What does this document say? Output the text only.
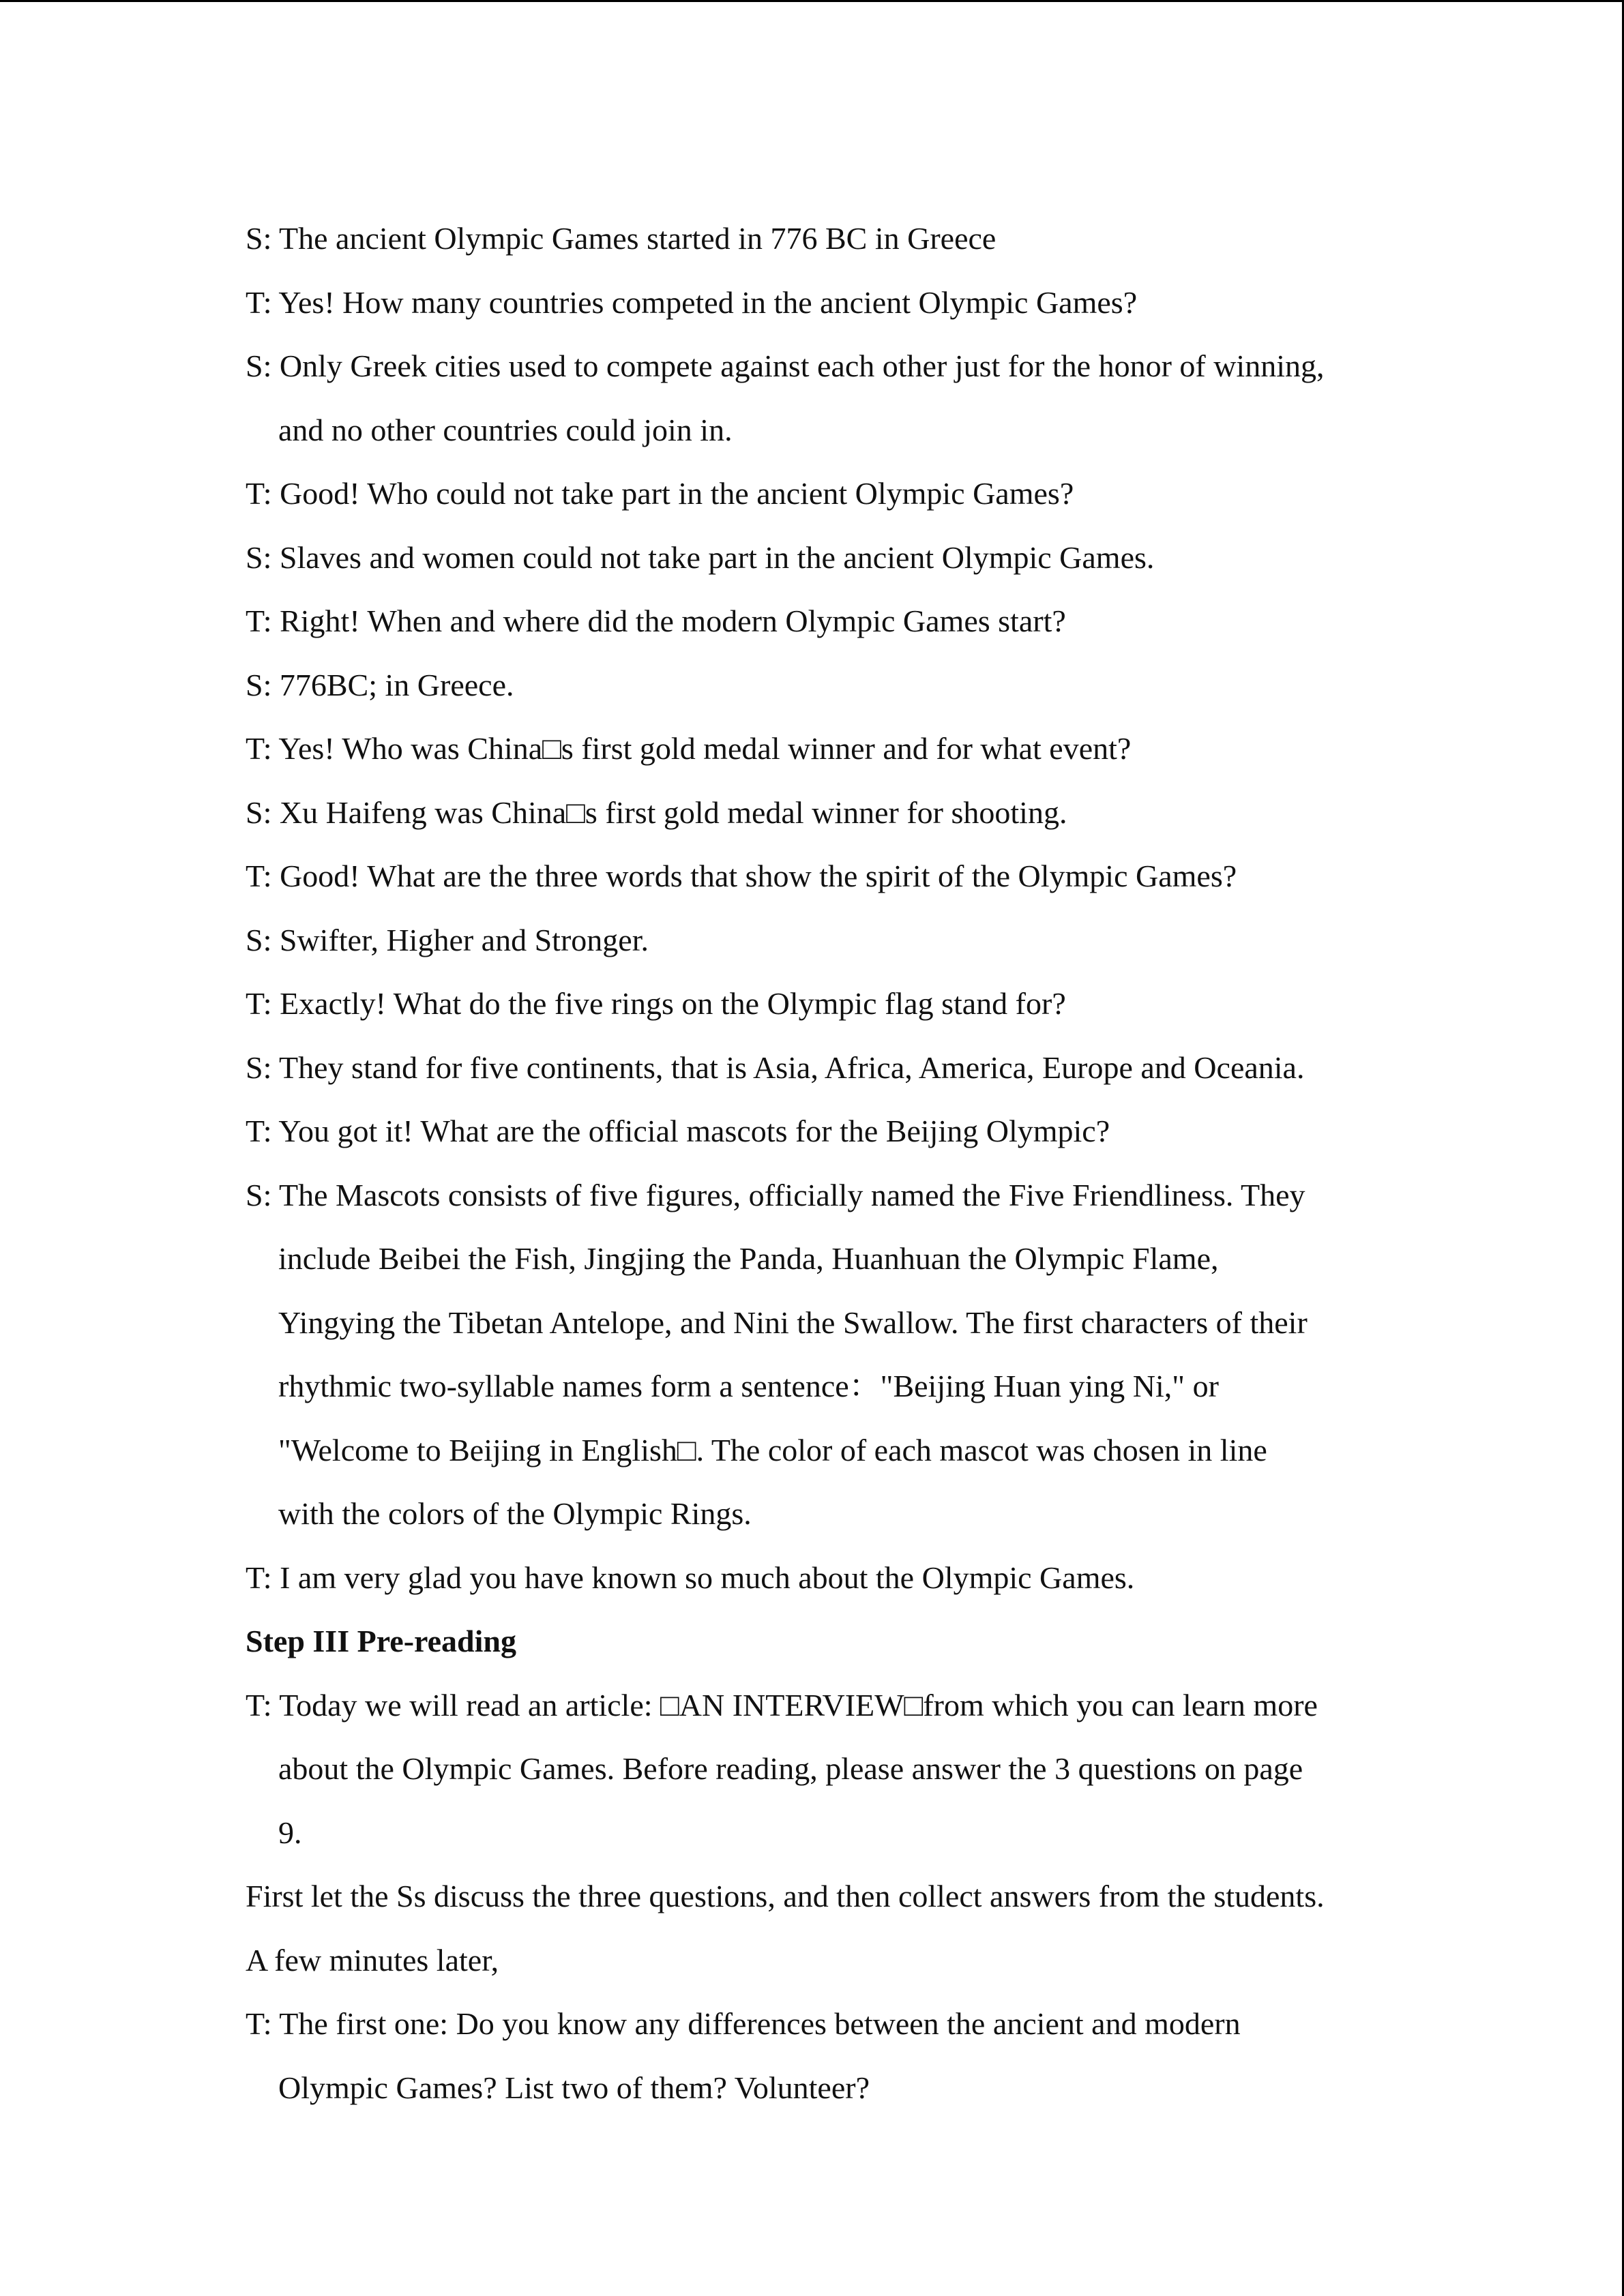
S: The ancient Olympic Games started in 776 BC in Greece

T: Yes! How many countries competed in the ancient Olympic Games?

S: Only Greek cities used to compete against each other just for the honor of winning,
and no other countries could join in.

T: Good! Who could not take part in the ancient Olympic Games?

S: Slaves and women could not take part in the ancient Olympic Games.

T: Right! When and where did the modern Olympic Games start?

S: 776BC; in Greece.

T: Yes! Who was China□s first gold medal winner and for what event?

S: Xu Haifeng was China□s first gold medal winner for shooting.

T: Good! What are the three words that show the spirit of the Olympic Games?

S: Swifter, Higher and Stronger.

T: Exactly! What do the five rings on the Olympic flag stand for?

S: They stand for five continents, that is Asia, Africa, America, Europe and Oceania.

T: You got it! What are the official mascots for the Beijing Olympic?

S: The Mascots consists of five figures, officially named the Five Friendliness. They
include Beibei the Fish, Jingjing the Panda, Huanhuan the Olympic Flame,
Yingying the Tibetan Antelope, and Nini the Swallow. The first characters of their
rhythmic two-syllable names form a sentence："Beijing Huan ying Ni," or
"Welcome to Beijing in English□. The color of each mascot was chosen in line
with the colors of the Olympic Rings.

T: I am very glad you have known so much about the Olympic Games.

Step III Pre-reading

T: Today we will read an article: □AN INTERVIEW□from which you can learn more
about the Olympic Games. Before reading, please answer the 3 questions on page
9.

First let the Ss discuss the three questions, and then collect answers from the students.

A few minutes later,

T: The first one: Do you know any differences between the ancient and modern
Olympic Games? List two of them? Volunteer?
